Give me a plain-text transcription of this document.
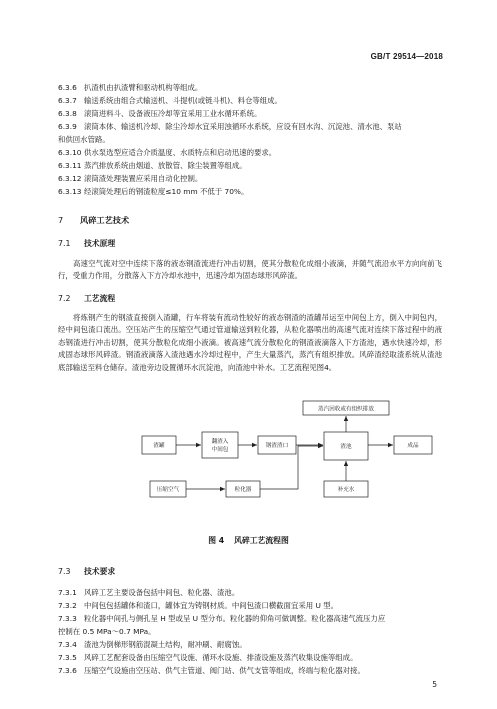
GB/T 29514—2018
6.3.6 扒渣机由扒渣臂和驱动机构等组成。
6.3.7 输送系统由组合式输送机、斗提机(或链斗机)、料仓等组成。
6.3.8 滚筒进料斗、设备液压冷却等宜采用工业水循环系统。
6.3.9 滚筒本体、输送机冷却、除尘冷却水宜采用浊循环水系统，应设有回水沟、沉淀池、清水池、泵站
和供回水管路。
6.3.10 供水泵选型应适合介质温度、水质特点和启动迅速的要求。
6.3.11 蒸汽排放系统由烟道、放散管、除尘装置等组成。
6.3.12 滚筒渣处理装置应采用自动化控制。
6.3.13 经滚筒处理后的钢渣粒度≤10 mm 不低于 70%。
7 风碎工艺技术
7.1 技术原理
高速空气流对空中连续下落的液态钢渣流进行冲击切割，使其分散粒化成细小液滴，并随气流沿水平方向向前飞行，受重力作用，分散落入下方冷却水池中，迅速冷却为固态球形风碎渣。
7.2 工艺流程
将炼钢产生的钢渣直接倒入渣罐，行车将装有流动性较好的液态钢渣的渣罐吊运至中间包上方，倒入中间包内，经中间包渣口流出。空压站产生的压缩空气通过管道输送到粒化器，从粒化器喷出的高速气流对连续下落过程中的液态钢渣进行冲击切割，使其分散粒化成细小液滴。被高速气流分散粒化的钢渣液滴落入下方渣池，遇水快速冷却，形成固态球形风碎渣。钢渣液滴落入渣池遇水冷却过程中，产生大量蒸汽，蒸汽有组织排放。风碎渣经取渣系统从渣池底部输送至料仓储存。渣池旁边设置循环水沉淀池，向渣池中补水。工艺流程见图4。
蒸汽回收或有组织排放
渣罐
翻渣入
中间包
钢渣渣口	渣池	成品
压缩空气	粒化器	补充水
图 4 风碎工艺流程图
7.3 技术要求
7.3.1 风碎工艺主要设备包括中间包、粒化器、渣池。
7.3.2 中间包包括罐体和渣口，罐体宜为铸钢材质。中间包渣口横截面宜采用 U 型。
7.3.3 粒化器中间孔与侧孔呈 H 型或呈 U 型分布。粒化器的仰角可做调整。粒化器高速气流压力应
控制在 0.5 MPa～0.7 MPa。
7.3.4 渣池为倒梯形钢筋混凝土结构，耐冲刷、耐腐蚀。
7.3.5 风碎工艺配套设备由压缩空气设施、循环水设施、排渣设施及蒸汽收集设施等组成。
7.3.6 压缩空气设施由空压站、供气主管道、阀门站、供气支管等组成，终端与粒化器对接。
5
